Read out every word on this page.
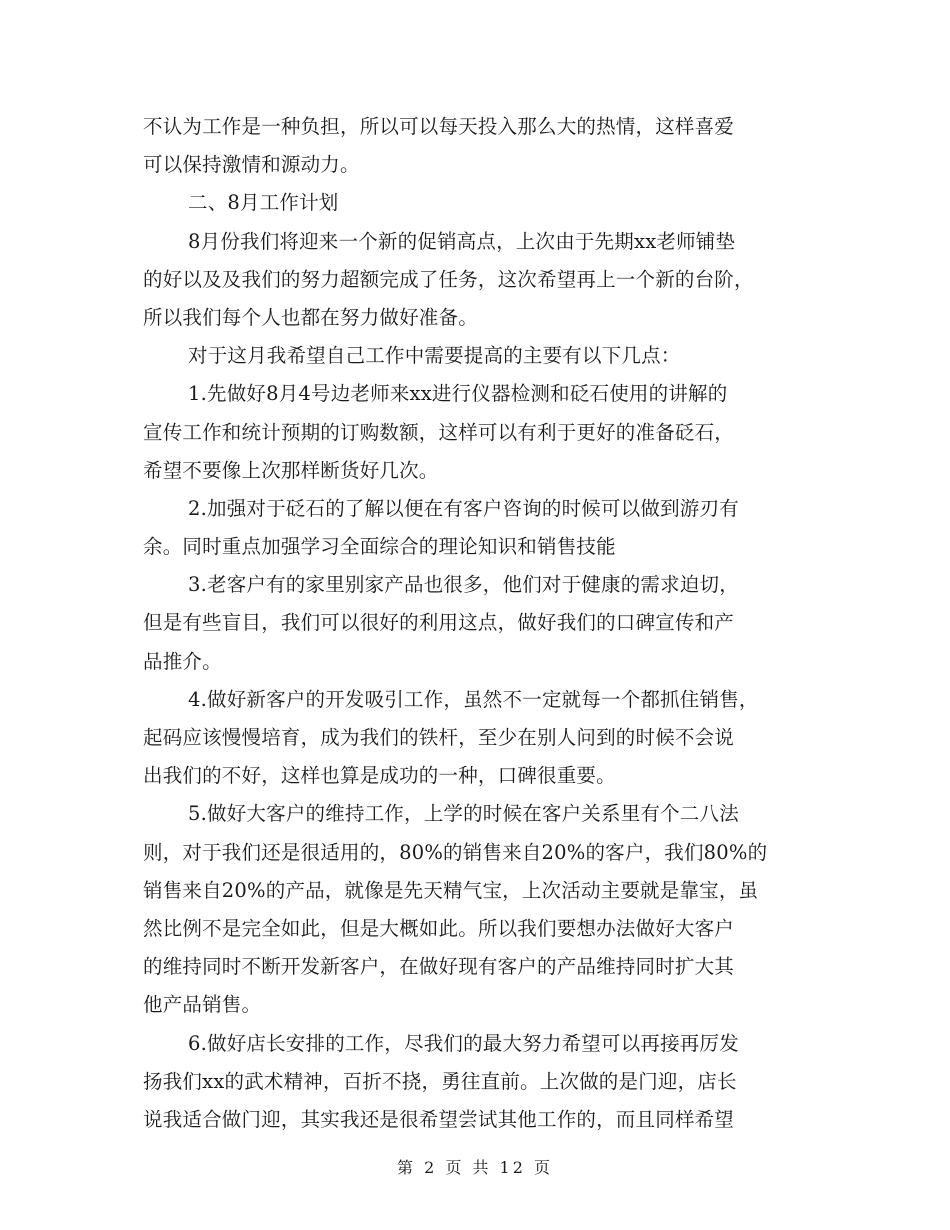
不认为工作是一种负担，所以可以每天投入那么大的热情，这样喜爱
可以保持激情和源动力。
二、8月工作计划
8月份我们将迎来一个新的促销高点，上次由于先期xx老师铺垫
的好以及及我们的努力超额完成了任务，这次希望再上一个新的台阶，
所以我们每个人也都在努力做好准备。
对于这月我希望自己工作中需要提高的主要有以下几点：
1.先做好8月4号边老师来xx进行仪器检测和砭石使用的讲解的
宣传工作和统计预期的订购数额，这样可以有利于更好的准备砭石，
希望不要像上次那样断货好几次。
2.加强对于砭石的了解以便在有客户咨询的时候可以做到游刃有
余。同时重点加强学习全面综合的理论知识和销售技能
3.老客户有的家里别家产品也很多，他们对于健康的需求迫切，
但是有些盲目，我们可以很好的利用这点，做好我们的口碑宣传和产
品推介。
4.做好新客户的开发吸引工作，虽然不一定就每一个都抓住销售，
起码应该慢慢培育，成为我们的铁杆，至少在别人问到的时候不会说
出我们的不好，这样也算是成功的一种，口碑很重要。
5.做好大客户的维持工作，上学的时候在客户关系里有个二八法
则，对于我们还是很适用的，80%的销售来自20%的客户，我们80%的
销售来自20%的产品，就像是先天精气宝，上次活动主要就是靠宝，虽
然比例不是完全如此，但是大概如此。所以我们要想办法做好大客户
的维持同时不断开发新客户，在做好现有客户的产品维持同时扩大其
他产品销售。
6.做好店长安排的工作，尽我们的最大努力希望可以再接再厉发
扬我们xx的武术精神，百折不挠，勇往直前。上次做的是门迎，店长
说我适合做门迎，其实我还是很希望尝试其他工作的，而且同样希望
第 2 页 共 12 页
